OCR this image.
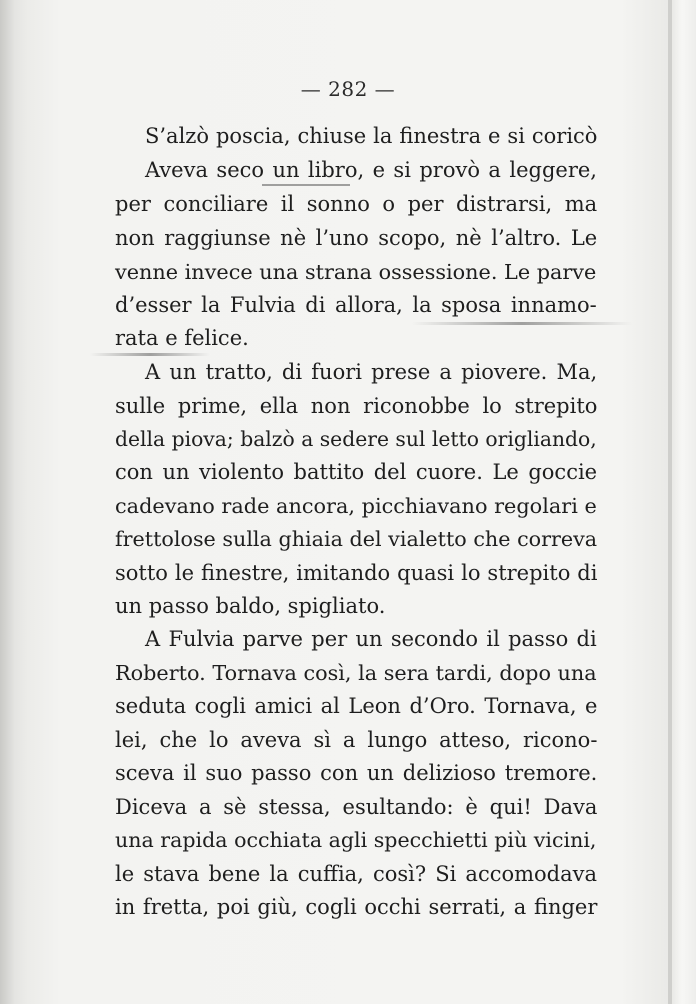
— 282 —
S’alzò poscia, chiuse la finestra e si coricò
Aveva seco un libro, e si provò a leggere,
per conciliare il sonno o per distrarsi, ma
non raggiunse nè l’uno scopo, nè l’altro. Le
venne invece una strana ossessione. Le parve
d’esser la Fulvia di allora, la sposa innamo-
rata e felice.
A un tratto, di fuori prese a piovere. Ma,
sulle prime, ella non riconobbe lo strepito
della piova; balzò a sedere sul letto origliando,
con un violento battito del cuore. Le goccie
cadevano rade ancora, picchiavano regolari e
frettolose sulla ghiaia del vialetto che correva
sotto le finestre, imitando quasi lo strepito di
un passo baldo, spigliato.
A Fulvia parve per un secondo il passo di
Roberto. Tornava così, la sera tardi, dopo una
seduta cogli amici al Leon d’Oro. Tornava, e
lei, che lo aveva sì a lungo atteso, ricono-
sceva il suo passo con un delizioso tremore.
Diceva a sè stessa, esultando: è qui! Dava
una rapida occhiata agli specchietti più vicini,
le stava bene la cuffia, così? Si accomodava
in fretta, poi giù, cogli occhi serrati, a finger
